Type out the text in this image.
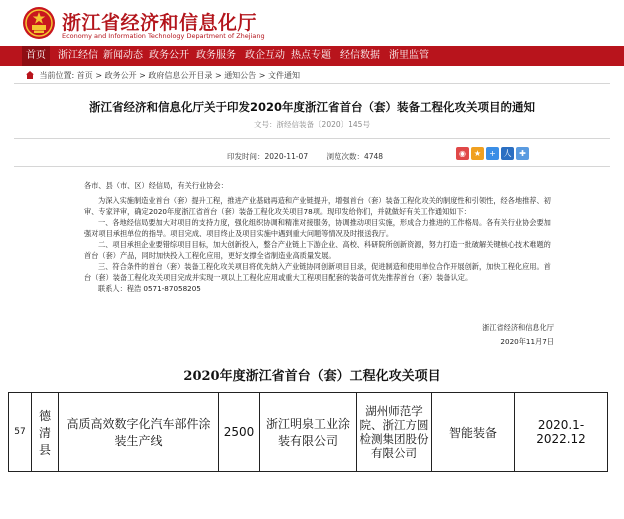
浙江省经济和信息化厅
Economy and Information Technology Department of Zhejiang
首页	浙江经信 新闻动态 政务公开 政务服务 政企互动 热点专题 经信数据 浙里监管
当前位置: 首页 > 政务公开 > 政府信息公开目录 > 通知公告 > 文件通知
浙江省经济和信息化厅关于印发2020年度浙江省首台（套）装备工程化攻关项目的通知
文号：浙经信装备〔2020〕145号
印发时间：2020-11-07 浏览次数：4748	◉ ★	+ 人 ✚

各市、县（市、区）经信局，有关行业协会：

为深入实施制造业首台（套）提升工程，推进产业基础再造和产业链提升，增强首台（套）装备工程化攻关的制度性和引领性，经各地推荐、初审、专家评审，确定2020年度浙江省首台（套）装备工程化攻关项目78项。现印发给你们，并就做好有关工作通知如下：

一、各地经信局要加大对项目的支持力度，强化组织协调和精准对接服务，协调推动项目实施，形成合力推进的工作格局。各有关行业协会要加强对项目承担单位的指导。项目完成、项目终止及项目实施中遇到重大问题等情况及时报送我厅。

二、项目承担企业要错综项目目标，加大创新投入，整合产业链上下游企业、高校、科研院所创新资源，努力打造一批破解关键核心技术难题的首台（套）产品，同时加快投入工程化应用，更好支撑全省制造业高质量发展。

三、符合条件的首台（套）装备工程化攻关项目将优先纳入产业链协同创新项目目录，促进制造和使用单位合作开展创新，加快工程化应用。首台（套）装备工程化攻关项目完成并实现一项以上工程化应用或重大工程项目配套的装备可优先推荐首台（套）装备认定。

联系人：程浩 0571-87058205

浙江省经济和信息化厅
2020年11月7日
2020年度浙江省首台（套）工程化攻关项目
57	德清县	高质高效数字化汽车部件涂装生产线	2500	浙江明泉工业涂装有限公司	湖州师范学院、浙江方圆检测集团股份有限公司	智能装备	2020.1-2022.12
